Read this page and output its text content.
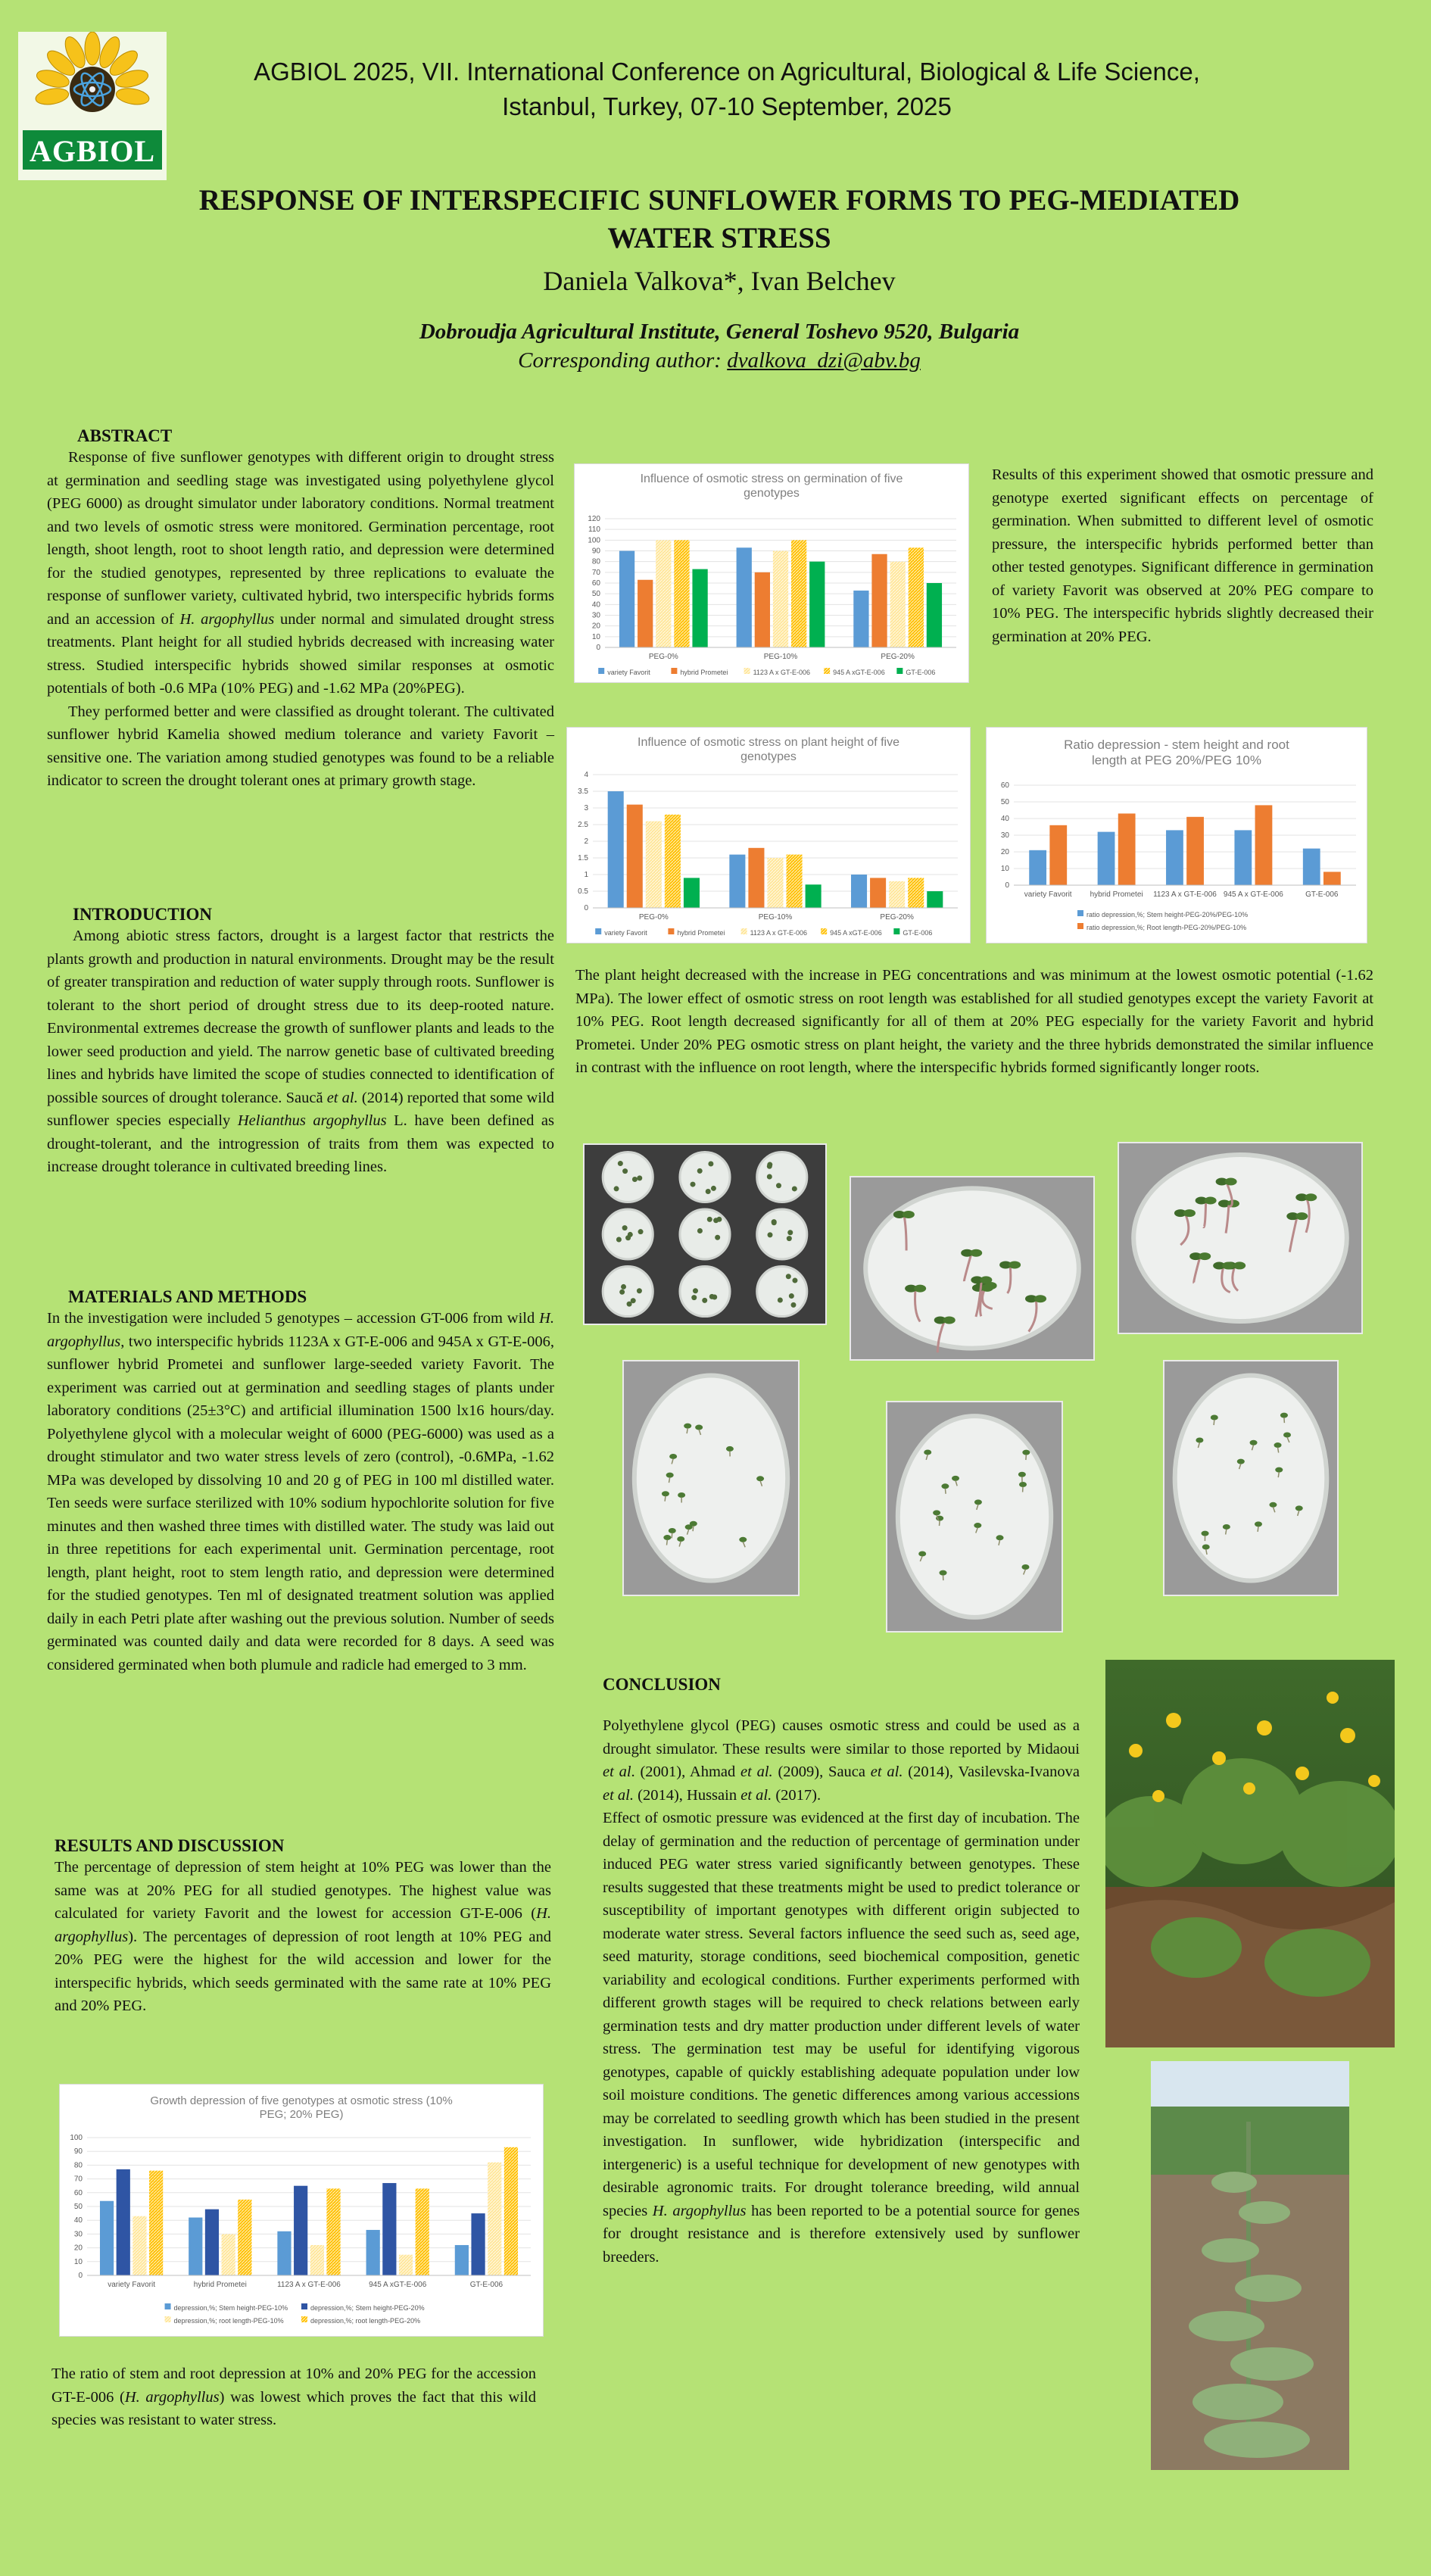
AGBIOL
AGBIOL 2025, VII. International Conference on Agricultural, Biological & Life Science,
Istanbul, Turkey, 07-10 September, 2025
RESPONSE OF INTERSPECIFIC SUNFLOWER FORMS TO PEG-MEDIATED WATER STRESS
Daniela Valkova*, Ivan Belchev
Dobroudja Agricultural Institute, General Toshevo 9520, Bulgaria
Corresponding author: dvalkova_dzi@abv.bg
ABSTRACT

Response of five sunflower genotypes with different origin to drought stress at germination and seedling stage was investigated using polyethylene glycol (PEG 6000) as drought simulator under laboratory conditions. Normal treatment and two levels of osmotic stress were monitored. Germination percentage, root length, shoot length, root to shoot length ratio, and depression were determined for the studied genotypes, represented by three replications to evaluate the response of sunflower variety, cultivated hybrid, two interspecific hybrids forms and an accession of H. argophyllus under normal and simulated drought stress treatments. Plant height for all studied hybrids decreased with increasing water stress. Studied interspecific hybrids showed similar responses at osmotic potentials of both -0.6 MPa (10% PEG) and -1.62 MPa (20%PEG).

They performed better and were classified as drought tolerant. The cultivated sunflower hybrid Kamelia showed medium tolerance and variety Favorit – sensitive one. The variation among studied genotypes was found to be a reliable indicator to screen the drought tolerant ones at primary growth stage.

INTRODUCTION

Among abiotic stress factors, drought is a largest factor that restricts the plants growth and production in natural environments. Drought may be the result of greater transpiration and reduction of water supply through roots. Sunflower is tolerant to the short period of drought stress due to its deep-rooted nature. Environmental extremes decrease the growth of sunflower plants and leads to the lower seed production and yield. The narrow genetic base of cultivated breeding lines and hybrids have limited the scope of studies connected to identification of possible sources of drought tolerance. Saucă et al. (2014) reported that some wild sunflower species especially Helianthus argophyllus L. have been defined as drought-tolerant, and the introgression of traits from them was expected to increase drought tolerance in cultivated breeding lines.

MATERIALS AND METHODS

In the investigation were included 5 genotypes – accession GT-006 from wild H. argophyllus, two interspecific hybrids 1123A x GT-E-006 and 945A x GT-E-006, sunflower hybrid Prometei and sunflower large-seeded variety Favorit. The experiment was carried out at germination and seedling stages of plants under laboratory conditions (25±3°C) and artificial illumination 1500 lx16 hours/day. Polyethylene glycol with a molecular weight of 6000 (PEG-6000) was used as a drought stimulator and two water stress levels of zero (control), -0.6MPa, -1.62 MPa was developed by dissolving 10 and 20 g of PEG in 100 ml distilled water. Ten seeds were surface sterilized with 10% sodium hypochlorite solution for five minutes and then washed three times with distilled water. The study was laid out in three repetitions for each experimental unit. Germination percentage, root length, plant height, root to stem length ratio, and depression were determined for the studied genotypes. Ten ml of designated treatment solution was applied daily in each Petri plate after washing out the previous solution. Number of seeds germinated was counted daily and data were recorded for 8 days. A seed was considered germinated when both plumule and radicle had emerged to 3 mm.

RESULTS AND DISCUSSION

The percentage of depression of stem height at 10% PEG was lower than the same was at 20% PEG for all studied genotypes. The highest value was calculated for variety Favorit and the lowest for accession GT-E-006 (H. argophyllus). The percentages of depression of root length at 10% PEG and 20% PEG were the highest for the wild accession and lower for the interspecific hybrids, which seeds germinated with the same rate at 10% PEG and 20% PEG.

Growth depression of five genotypes at osmotic stress (10%
PEG; 20% PEG)
0
10
20
30
40
50
60
70
80
90
100
variety Favorit	hybrid Prometei	1123 A x GT-E-006	945 A xGT-E-006	GT-E-006
depression,%; Stem height-PEG-10%	depression,%; Stem height-PEG-20%
depression,%; root length-PEG-10%	depression,%; root length-PEG-20%

The ratio of stem and root depression at 10% and 20% PEG for the accession GT-E-006 (H. argophyllus) was lowest which proves the fact that this wild species was resistant to water stress.

Influence of osmotic stress on germination of five
genotypes
0
10
20
30
40
50
60
70
80
90
100
110
120
PEG-0%	PEG-10%	PEG-20%
variety Favorit	hybrid Prometei	1123 A x GT-E-006	945 A xGT-E-006	GT-E-006

Results of this experiment showed that osmotic pressure and genotype exerted significant effects on percentage of germination. When submitted to different level of osmotic pressure, the interspecific hybrids performed better than other tested genotypes. Significant difference in germination of variety Favorit was observed at 20% PEG compare to 10% PEG. The interspecific hybrids slightly decreased their germination at 20% PEG.

Influence of osmotic stress on plant height of five
genotypes
0
0.5
1
1.5
2
2.5
3
3.5
4
PEG-0%	PEG-10%	PEG-20%
variety Favorit	hybrid Prometei	1123 A x GT-E-006	945 A xGT-E-006	GT-E-006
Ratio depression - stem height and root
length at PEG 20%/PEG 10%
0
10
20
30
40
50
60
variety Favorit hybrid Prometei 1123 A x GT-E-006 945 A x GT-E-006	GT-E-006
ratio depression,%; Stem height-PEG-20%/PEG-10%
ratio depression,%; Root length-PEG-20%/PEG-10%

The plant height decreased with the increase in PEG concentrations and was minimum at the lowest osmotic potential (-1.62 MPa). The lower effect of osmotic stress on root length was established for all studied genotypes except the variety Favorit at 10% PEG. Root length decreased significantly for all of them at 20% PEG especially for the variety Favorit and hybrid Prometei. Under 20% PEG osmotic stress on plant height, the variety and the three hybrids demonstrated the similar influence in contrast with the influence on root length, where the interspecific hybrids formed significantly longer roots.

CONCLUSION

Polyethylene glycol (PEG) causes osmotic stress and could be used as a drought simulator. These results were similar to those reported by Midaoui et al. (2001), Ahmad et al. (2009), Sauca et al. (2014), Vasilevska-Ivanova et al. (2014), Hussain et al. (2017).

Effect of osmotic pressure was evidenced at the first day of incubation. The delay of germination and the reduction of percentage of germination under induced PEG water stress varied significantly between genotypes. These results suggested that these treatments might be used to predict tolerance or susceptibility of important genotypes with different origin subjected to moderate water stress. Several factors influence the seed such as, seed age, seed maturity, storage conditions, seed biochemical composition, genetic variability and ecological conditions. Further experiments performed with different growth stages will be required to check relations between early germination tests and dry matter production under different levels of water stress. The germination test may be useful for identifying vigorous genotypes, capable of quickly establishing adequate population under low soil moisture conditions. The genetic differences among various accessions may be correlated to seedling growth which has been studied in the present investigation. In sunflower, wide hybridization (interspecific and intergeneric) is a useful technique for development of new genotypes with desirable agronomic traits. For drought tolerance breeding, wild annual species H. argophyllus has been reported to be a potential source for genes for drought resistance and is therefore extensively used by sunflower breeders.
